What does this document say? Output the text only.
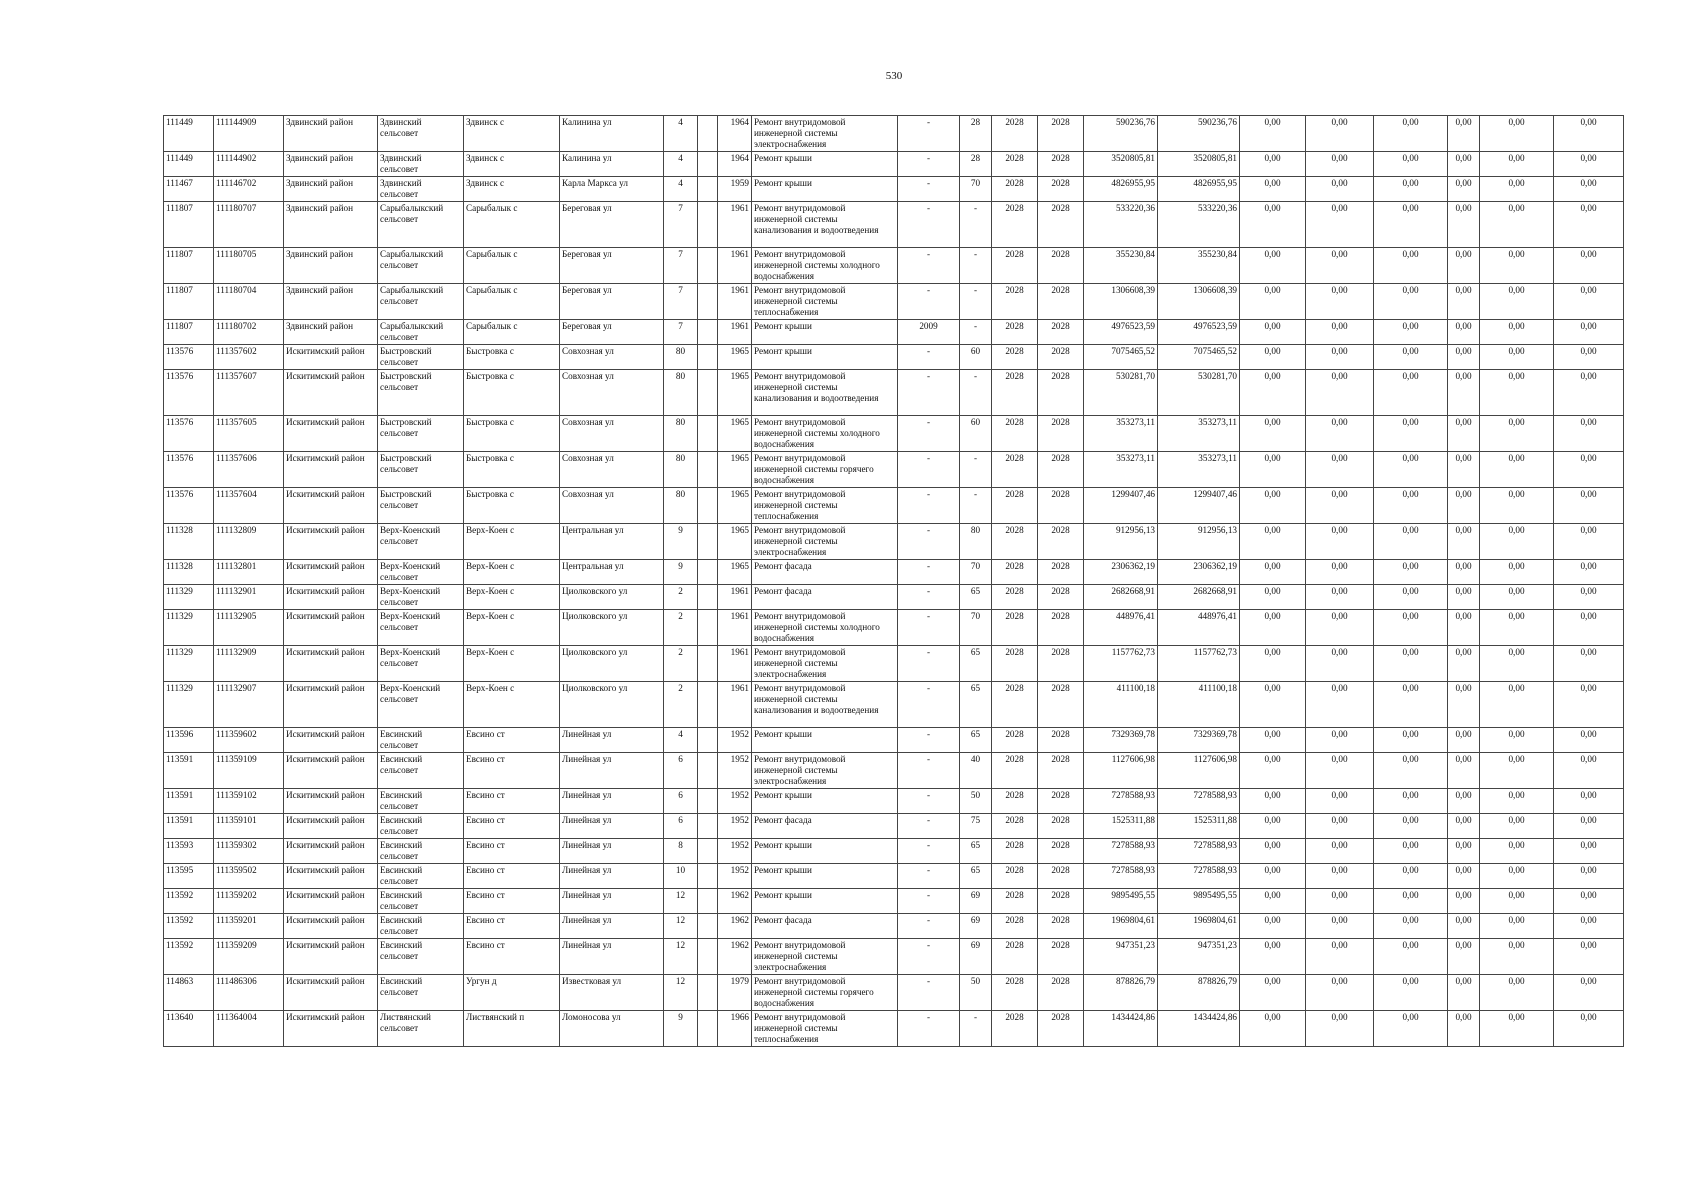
530
111449	111144909	Здвинский район	Здвинский сельсовет	Здвинск с	Калинина ул	4		1964	Ремонт внутридомовой инженерной системы электроснабжения	-	28	2028	2028	590236,76	590236,76	0,00	0,00	0,00	0,00	0,00	0,00
111449	111144902	Здвинский район	Здвинский сельсовет	Здвинск с	Калинина ул	4		1964	Ремонт крыши	-	28	2028	2028	3520805,81	3520805,81	0,00	0,00	0,00	0,00	0,00	0,00
111467	111146702	Здвинский район	Здвинский сельсовет	Здвинск с	Карла Маркса ул	4		1959	Ремонт крыши	-	70	2028	2028	4826955,95	4826955,95	0,00	0,00	0,00	0,00	0,00	0,00
111807	111180707	Здвинский район	Сарыбалыкский сельсовет	Сарыбалык с	Береговая ул	7		1961	Ремонт внутридомовой инженерной системы канализования и водоотведения	-	-	2028	2028	533220,36	533220,36	0,00	0,00	0,00	0,00	0,00	0,00
111807	111180705	Здвинский район	Сарыбалыкский сельсовет	Сарыбалык с	Береговая ул	7		1961	Ремонт внутридомовой инженерной системы холодного водоснабжения	-	-	2028	2028	355230,84	355230,84	0,00	0,00	0,00	0,00	0,00	0,00
111807	111180704	Здвинский район	Сарыбалыкский сельсовет	Сарыбалык с	Береговая ул	7		1961	Ремонт внутридомовой инженерной системы теплоснабжения	-	-	2028	2028	1306608,39	1306608,39	0,00	0,00	0,00	0,00	0,00	0,00
111807	111180702	Здвинский район	Сарыбалыкский сельсовет	Сарыбалык с	Береговая ул	7		1961	Ремонт крыши	2009	-	2028	2028	4976523,59	4976523,59	0,00	0,00	0,00	0,00	0,00	0,00
113576	111357602	Искитимский район	Быстровский сельсовет	Быстровка с	Совхозная ул	80		1965	Ремонт крыши	-	60	2028	2028	7075465,52	7075465,52	0,00	0,00	0,00	0,00	0,00	0,00
113576	111357607	Искитимский район	Быстровский сельсовет	Быстровка с	Совхозная ул	80		1965	Ремонт внутридомовой инженерной системы канализования и водоотведения	-	-	2028	2028	530281,70	530281,70	0,00	0,00	0,00	0,00	0,00	0,00
113576	111357605	Искитимский район	Быстровский сельсовет	Быстровка с	Совхозная ул	80		1965	Ремонт внутридомовой инженерной системы холодного водоснабжения	-	60	2028	2028	353273,11	353273,11	0,00	0,00	0,00	0,00	0,00	0,00
113576	111357606	Искитимский район	Быстровский сельсовет	Быстровка с	Совхозная ул	80		1965	Ремонт внутридомовой инженерной системы горячего водоснабжения	-	-	2028	2028	353273,11	353273,11	0,00	0,00	0,00	0,00	0,00	0,00
113576	111357604	Искитимский район	Быстровский сельсовет	Быстровка с	Совхозная ул	80		1965	Ремонт внутридомовой инженерной системы теплоснабжения	-	-	2028	2028	1299407,46	1299407,46	0,00	0,00	0,00	0,00	0,00	0,00
111328	111132809	Искитимский район	Верх-Коенский сельсовет	Верх-Коен с	Центральная ул	9		1965	Ремонт внутридомовой инженерной системы электроснабжения	-	80	2028	2028	912956,13	912956,13	0,00	0,00	0,00	0,00	0,00	0,00
111328	111132801	Искитимский район	Верх-Коенский сельсовет	Верх-Коен с	Центральная ул	9		1965	Ремонт фасада	-	70	2028	2028	2306362,19	2306362,19	0,00	0,00	0,00	0,00	0,00	0,00
111329	111132901	Искитимский район	Верх-Коенский сельсовет	Верх-Коен с	Циолковского ул	2		1961	Ремонт фасада	-	65	2028	2028	2682668,91	2682668,91	0,00	0,00	0,00	0,00	0,00	0,00
111329	111132905	Искитимский район	Верх-Коенский сельсовет	Верх-Коен с	Циолковского ул	2		1961	Ремонт внутридомовой инженерной системы холодного водоснабжения	-	70	2028	2028	448976,41	448976,41	0,00	0,00	0,00	0,00	0,00	0,00
111329	111132909	Искитимский район	Верх-Коенский сельсовет	Верх-Коен с	Циолковского ул	2		1961	Ремонт внутридомовой инженерной системы электроснабжения	-	65	2028	2028	1157762,73	1157762,73	0,00	0,00	0,00	0,00	0,00	0,00
111329	111132907	Искитимский район	Верх-Коенский сельсовет	Верх-Коен с	Циолковского ул	2		1961	Ремонт внутридомовой инженерной системы канализования и водоотведения	-	65	2028	2028	411100,18	411100,18	0,00	0,00	0,00	0,00	0,00	0,00
113596	111359602	Искитимский район	Евсинский сельсовет	Евсино ст	Линейная ул	4		1952	Ремонт крыши	-	65	2028	2028	7329369,78	7329369,78	0,00	0,00	0,00	0,00	0,00	0,00
113591	111359109	Искитимский район	Евсинский сельсовет	Евсино ст	Линейная ул	6		1952	Ремонт внутридомовой инженерной системы электроснабжения	-	40	2028	2028	1127606,98	1127606,98	0,00	0,00	0,00	0,00	0,00	0,00
113591	111359102	Искитимский район	Евсинский сельсовет	Евсино ст	Линейная ул	6		1952	Ремонт крыши	-	50	2028	2028	7278588,93	7278588,93	0,00	0,00	0,00	0,00	0,00	0,00
113591	111359101	Искитимский район	Евсинский сельсовет	Евсино ст	Линейная ул	6		1952	Ремонт фасада	-	75	2028	2028	1525311,88	1525311,88	0,00	0,00	0,00	0,00	0,00	0,00
113593	111359302	Искитимский район	Евсинский сельсовет	Евсино ст	Линейная ул	8		1952	Ремонт крыши	-	65	2028	2028	7278588,93	7278588,93	0,00	0,00	0,00	0,00	0,00	0,00
113595	111359502	Искитимский район	Евсинский сельсовет	Евсино ст	Линейная ул	10		1952	Ремонт крыши	-	65	2028	2028	7278588,93	7278588,93	0,00	0,00	0,00	0,00	0,00	0,00
113592	111359202	Искитимский район	Евсинский сельсовет	Евсино ст	Линейная ул	12		1962	Ремонт крыши	-	69	2028	2028	9895495,55	9895495,55	0,00	0,00	0,00	0,00	0,00	0,00
113592	111359201	Искитимский район	Евсинский сельсовет	Евсино ст	Линейная ул	12		1962	Ремонт фасада	-	69	2028	2028	1969804,61	1969804,61	0,00	0,00	0,00	0,00	0,00	0,00
113592	111359209	Искитимский район	Евсинский сельсовет	Евсино ст	Линейная ул	12		1962	Ремонт внутридомовой инженерной системы электроснабжения	-	69	2028	2028	947351,23	947351,23	0,00	0,00	0,00	0,00	0,00	0,00
114863	111486306	Искитимский район	Евсинский сельсовет	Ургун д	Известковая ул	12		1979	Ремонт внутридомовой инженерной системы горячего водоснабжения	-	50	2028	2028	878826,79	878826,79	0,00	0,00	0,00	0,00	0,00	0,00
113640	111364004	Искитимский район	Листвянский сельсовет	Листвянский п	Ломоносова ул	9		1966	Ремонт внутридомовой инженерной системы теплоснабжения	-	-	2028	2028	1434424,86	1434424,86	0,00	0,00	0,00	0,00	0,00	0,00
